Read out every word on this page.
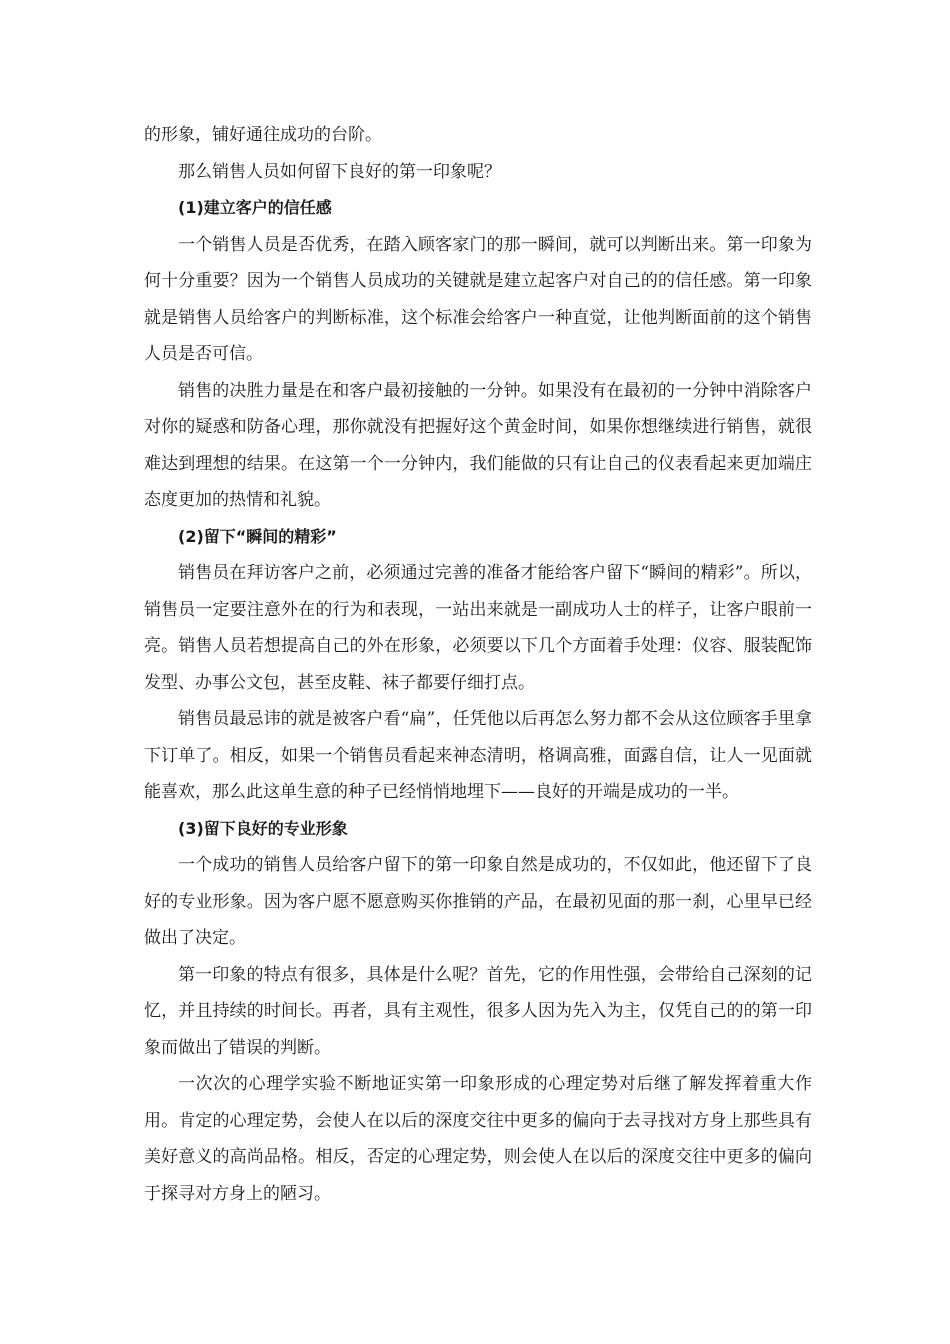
的形象，铺好通往成功的台阶。

那么销售人员如何留下良好的第一印象呢？

(1)建立客户的信任感

一个销售人员是否优秀，在踏入顾客家门的那一瞬间，就可以判断出来。第一印象为何十分重要？因为一个销售人员成功的关键就是建立起客户对自己的的信任感。第一印象就是销售人员给客户的判断标准，这个标准会给客户一种直觉，让他判断面前的这个销售人员是否可信。

销售的决胜力量是在和客户最初接触的一分钟。如果没有在最初的一分钟中消除客户对你的疑惑和防备心理，那你就没有把握好这个黄金时间，如果你想继续进行销售，就很难达到理想的结果。在这第一个一分钟内，我们能做的只有让自己的仪表看起来更加端庄态度更加的热情和礼貌。

(2)留下“瞬间的精彩”

销售员在拜访客户之前，必须通过完善的准备才能给客户留下“瞬间的精彩”。所以，销售员一定要注意外在的行为和表现，一站出来就是一副成功人士的样子，让客户眼前一亮。销售人员若想提高自己的外在形象，必须要以下几个方面着手处理：仪容、服装配饰发型、办事公文包，甚至皮鞋、袜子都要仔细打点。

销售员最忌讳的就是被客户看“扁”，任凭他以后再怎么努力都不会从这位顾客手里拿下订单了。相反，如果一个销售员看起来神态清明，格调高雅，面露自信，让人一见面就能喜欢，那么此这单生意的种子已经悄悄地埋下——良好的开端是成功的一半。

(3)留下良好的专业形象

一个成功的销售人员给客户留下的第一印象自然是成功的，不仅如此，他还留下了良好的专业形象。因为客户愿不愿意购买你推销的产品，在最初见面的那一刹，心里早已经做出了决定。

第一印象的特点有很多，具体是什么呢？首先，它的作用性强，会带给自己深刻的记忆，并且持续的时间长。再者，具有主观性，很多人因为先入为主，仅凭自己的的第一印象而做出了错误的判断。

一次次的心理学实验不断地证实第一印象形成的心理定势对后继了解发挥着重大作用。肯定的心理定势，会使人在以后的深度交往中更多的偏向于去寻找对方身上那些具有美好意义的高尚品格。相反，否定的心理定势，则会使人在以后的深度交往中更多的偏向于探寻对方身上的陋习。
